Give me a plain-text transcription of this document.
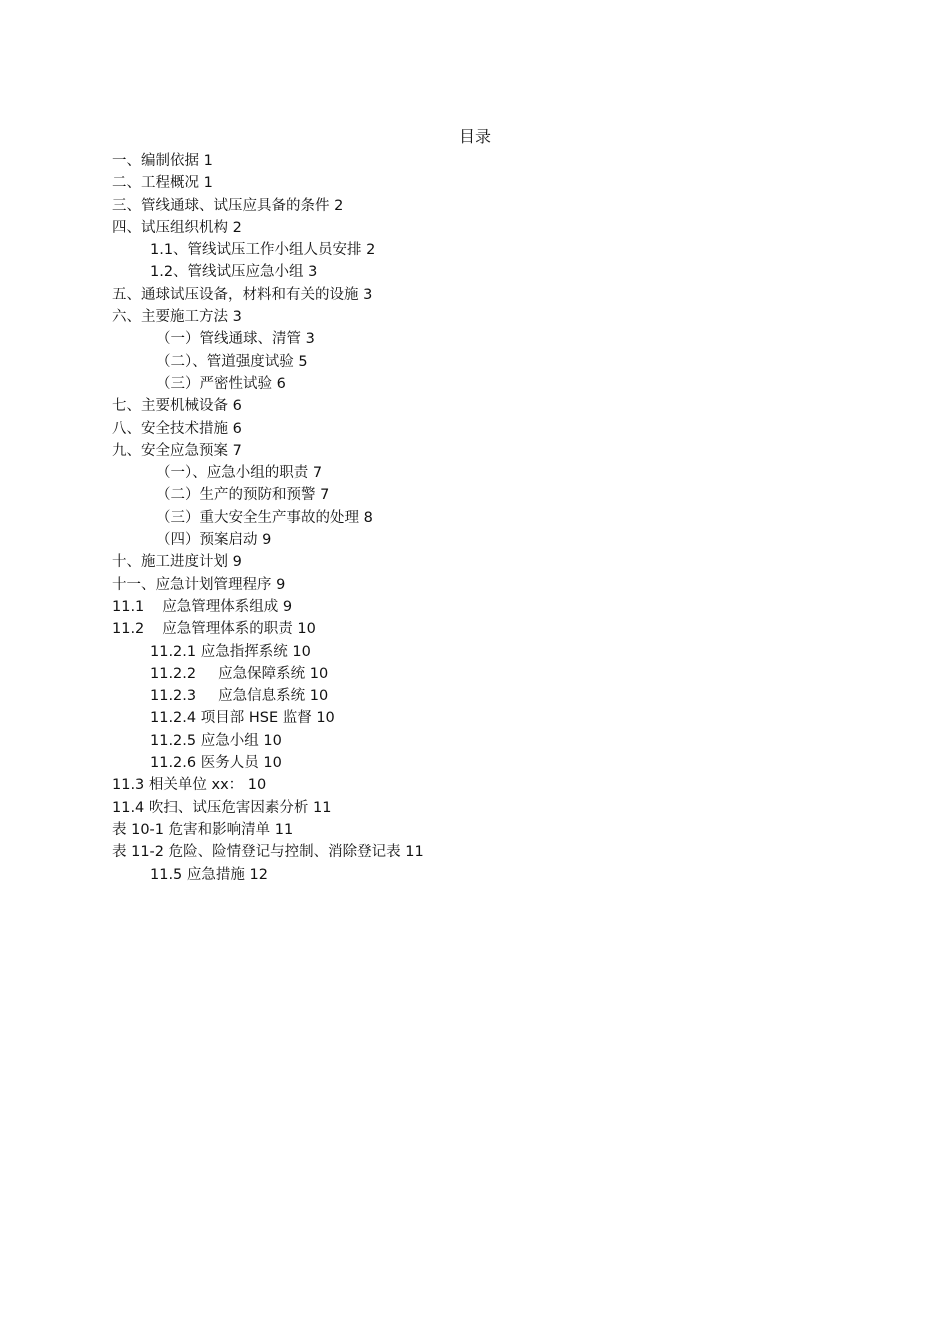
目录
一、编制依据 1
二、工程概况 1
三、管线通球、试压应具备的条件 2
四、试压组织机构 2
1.1、管线试压工作小组人员安排 2
1.2、管线试压应急小组 3
五、通球试压设备，材料和有关的设施 3
六、主要施工方法 3
（一）管线通球、清管 3
（二）、管道强度试验 5
（三）严密性试验 6
七、主要机械设备 6
八、安全技术措施 6
九、安全应急预案 7
（一）、应急小组的职责 7
（二）生产的预防和预警 7
（三）重大安全生产事故的处理 8
（四）预案启动 9
十、施工进度计划 9
十一、应急计划管理程序 9
11.1 应急管理体系组成 9
11.2 应急管理体系的职责 10
11.2.1 应急指挥系统 10
11.2.2 应急保障系统 10
11.2.3 应急信息系统 10
11.2.4 项目部 HSE 监督 10
11.2.5 应急小组 10
11.2.6 医务人员 10
11.3 相关单位 xx： 10
11.4 吹扫、试压危害因素分析 11
表 10-1 危害和影响清单 11
表 11-2 危险、险情登记与控制、消除登记表 11
11.5 应急措施 12
